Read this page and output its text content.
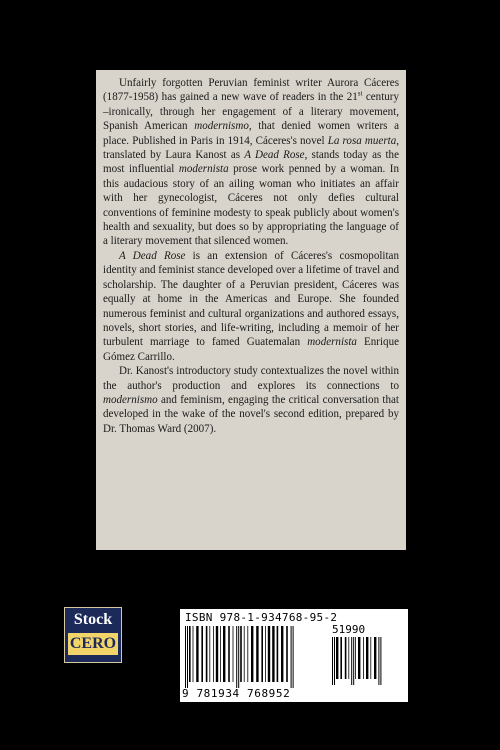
Unfairly forgotten Peruvian feminist writer Aurora Cáceres (1877-1958) has gained a new wave of readers in the 21st century –ironically, through her engagement of a literary movement, Spanish American modernismo, that denied women writers a place. Published in Paris in 1914, Cáceres's novel La rosa muerta, translated by Laura Kanost as A Dead Rose, stands today as the most influential modernista prose work penned by a woman. In this audacious story of an ailing woman who initiates an affair with her gynecologist, Cáceres not only defies cultural conventions of feminine modesty to speak publicly about women's health and sexuality, but does so by appropriating the language of a literary movement that silenced women.

A Dead Rose is an extension of Cáceres's cosmopolitan identity and feminist stance developed over a lifetime of travel and scholarship. The daughter of a Peruvian president, Cáceres was equally at home in the Americas and Europe. She founded numerous feminist and cultural organizations and authored essays, novels, short stories, and life-writing, including a memoir of her turbulent marriage to famed Guatemalan modernista Enrique Gómez Carrillo.

Dr. Kanost's introductory study contextualizes the novel within the author's production and explores its connections to modernismo and feminism, engaging the critical conversation that developed in the wake of the novel's second edition, prepared by Dr. Thomas Ward (2007).

Stock
CERO
ISBN 978-1-934768-95-2
51990
9 781934 768952
